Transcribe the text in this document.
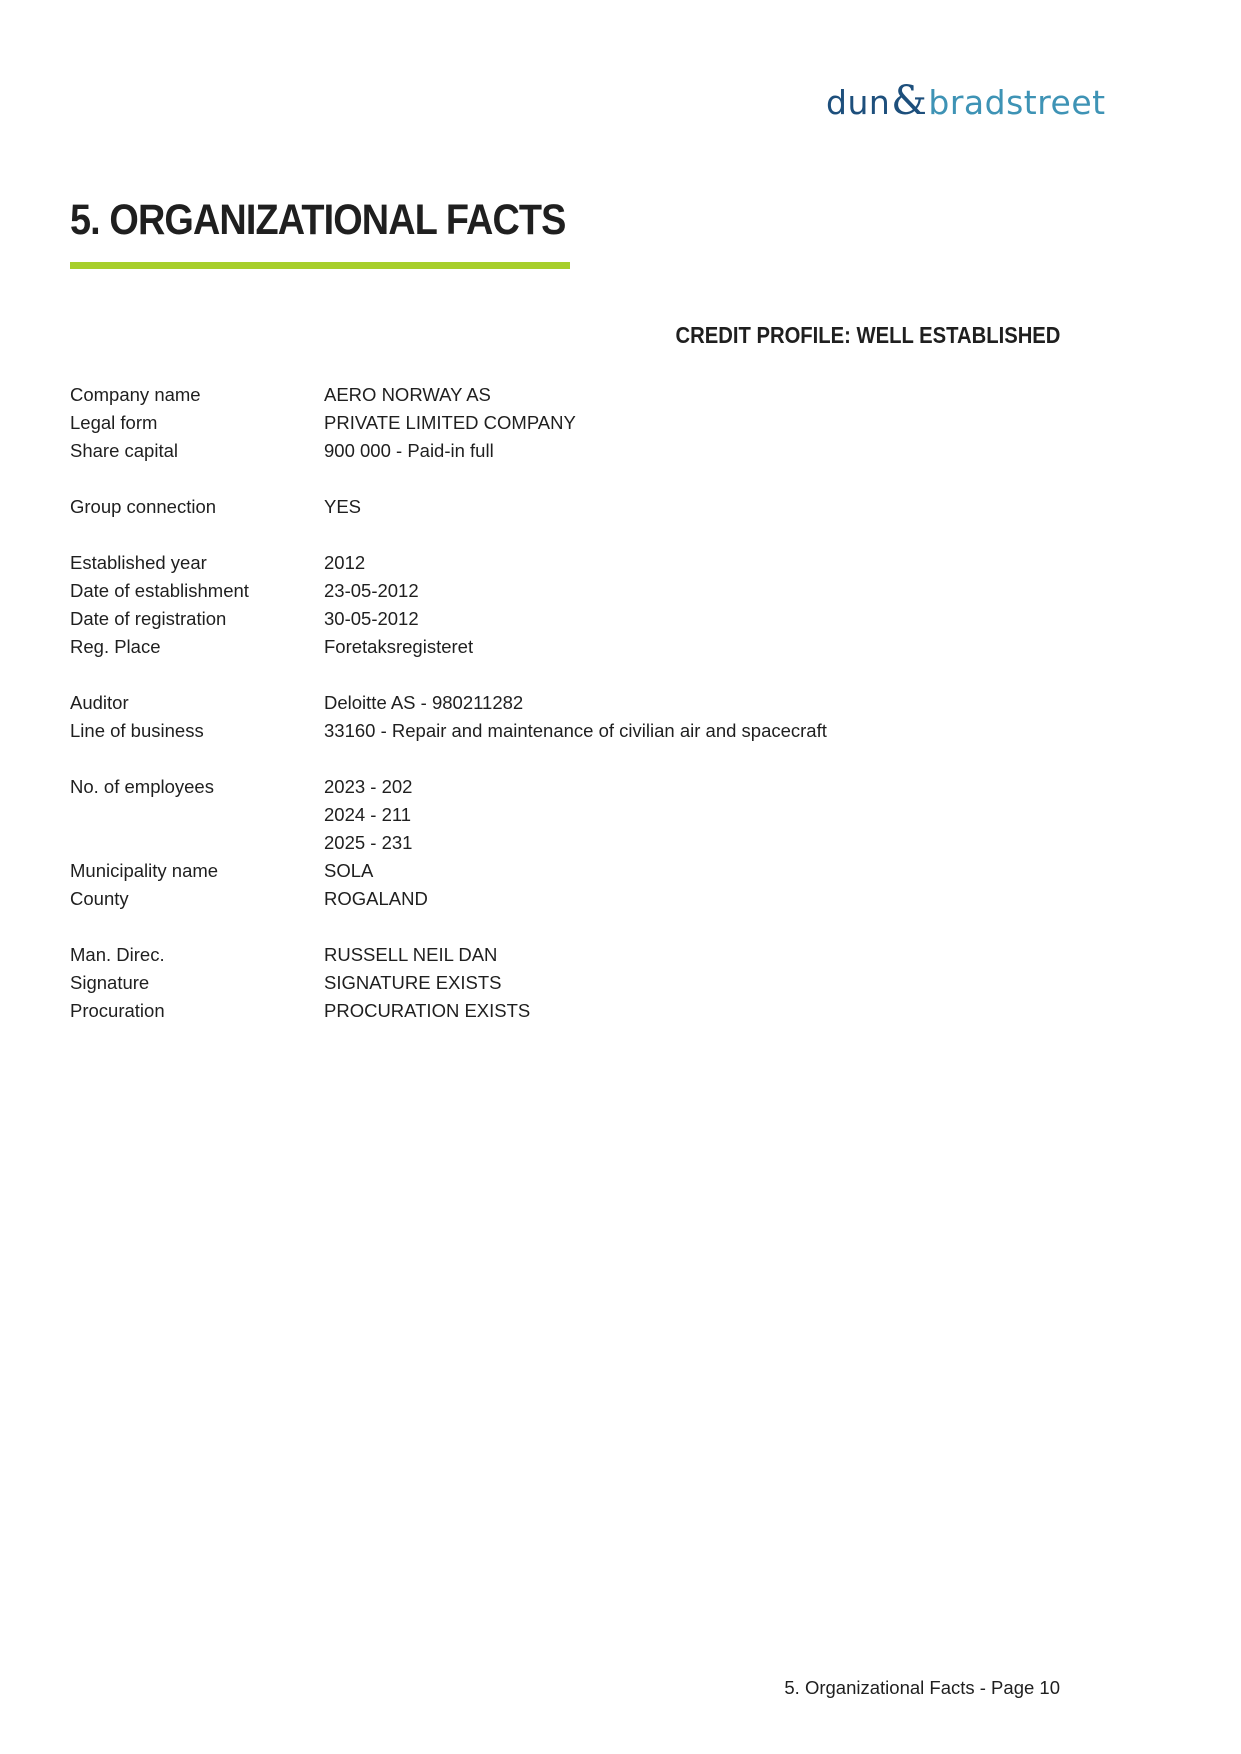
dun & bradstreet
5. ORGANIZATIONAL FACTS
CREDIT PROFILE: WELL ESTABLISHED
Company name	AERO NORWAY AS
Legal form	PRIVATE LIMITED COMPANY
Share capital	900 000 - Paid-in full
Group connection	YES
Established year	2012
Date of establishment	23-05-2012
Date of registration	30-05-2012
Reg. Place	Foretaksregisteret
Auditor	Deloitte AS - 980211282
Line of business	33160 - Repair and maintenance of civilian air and spacecraft
No. of employees	2023 - 202
2024 - 211
2025 - 231
Municipality name	SOLA
County	ROGALAND
Man. Direc.	RUSSELL NEIL DAN
Signature	SIGNATURE EXISTS
Procuration	PROCURATION EXISTS
5. Organizational Facts - Page 10
